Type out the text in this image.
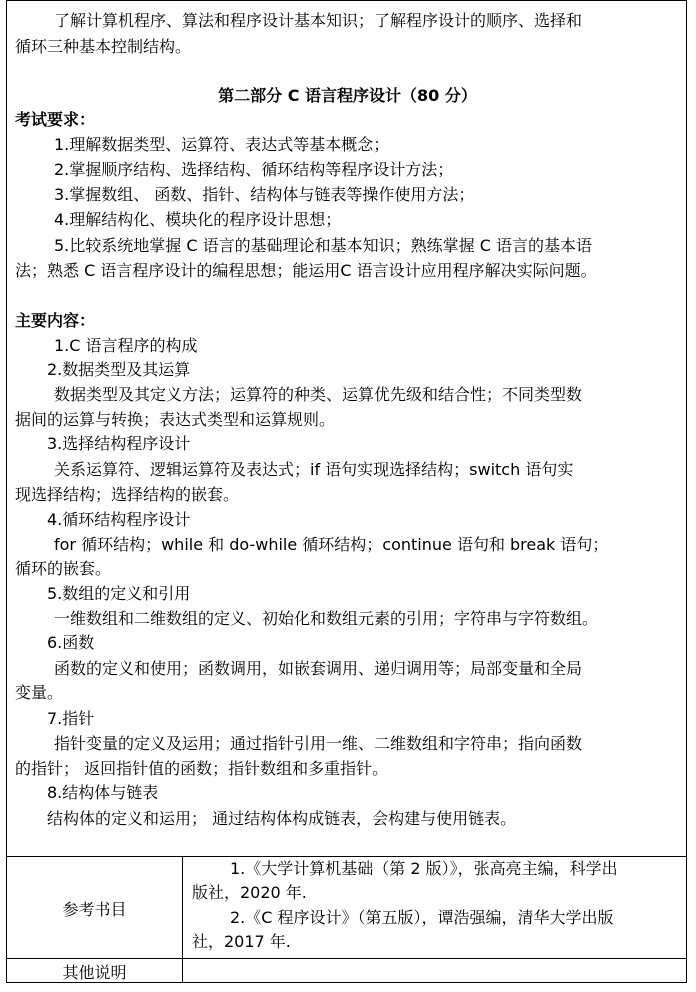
了解计算机程序、算法和程序设计基本知识；了解程序设计的顺序、选择和
循环三种基本控制结构。
第二部分 C 语言程序设计（80 分）
考试要求：
1.理解数据类型、运算符、表达式等基本概念；
2.掌握顺序结构、选择结构、循环结构等程序设计方法；
3.掌握数组、 函数、指针、结构体与链表等操作使用方法；
4.理解结构化、模块化的程序设计思想；
5.比较系统地掌握 C 语言的基础理论和基本知识；熟练掌握 C 语言的基本语
法；熟悉 C 语言程序设计的编程思想；能运用C 语言设计应用程序解决实际问题。
主要内容：
1.C 语言程序的构成
2.数据类型及其运算
数据类型及其定义方法；运算符的种类、运算优先级和结合性；不同类型数
据间的运算与转换；表达式类型和运算规则。
3.选择结构程序设计
关系运算符、逻辑运算符及表达式；if 语句实现选择结构；switch 语句实
现选择结构；选择结构的嵌套。
4.循环结构程序设计
for 循环结构；while 和 do-while 循环结构；continue 语句和 break 语句；
循环的嵌套。
5.数组的定义和引用
一维数组和二维数组的定义、初始化和数组元素的引用；字符串与字符数组。
6.函数
函数的定义和使用；函数调用，如嵌套调用、递归调用等；局部变量和全局
变量。
7.指针
指针变量的定义及运用；通过指针引用一维、二维数组和字符串；指向函数
的指针； 返回指针值的函数；指针数组和多重指针。
8.结构体与链表
结构体的定义和运用； 通过结构体构成链表，会构建与使用链表。
参考书目
1.《大学计算机基础（第 2 版）》，张高亮主编，科学出
版社，2020 年.
2.《C 程序设计》（第五版），谭浩强编，清华大学出版
社，2017 年.
其他说明
